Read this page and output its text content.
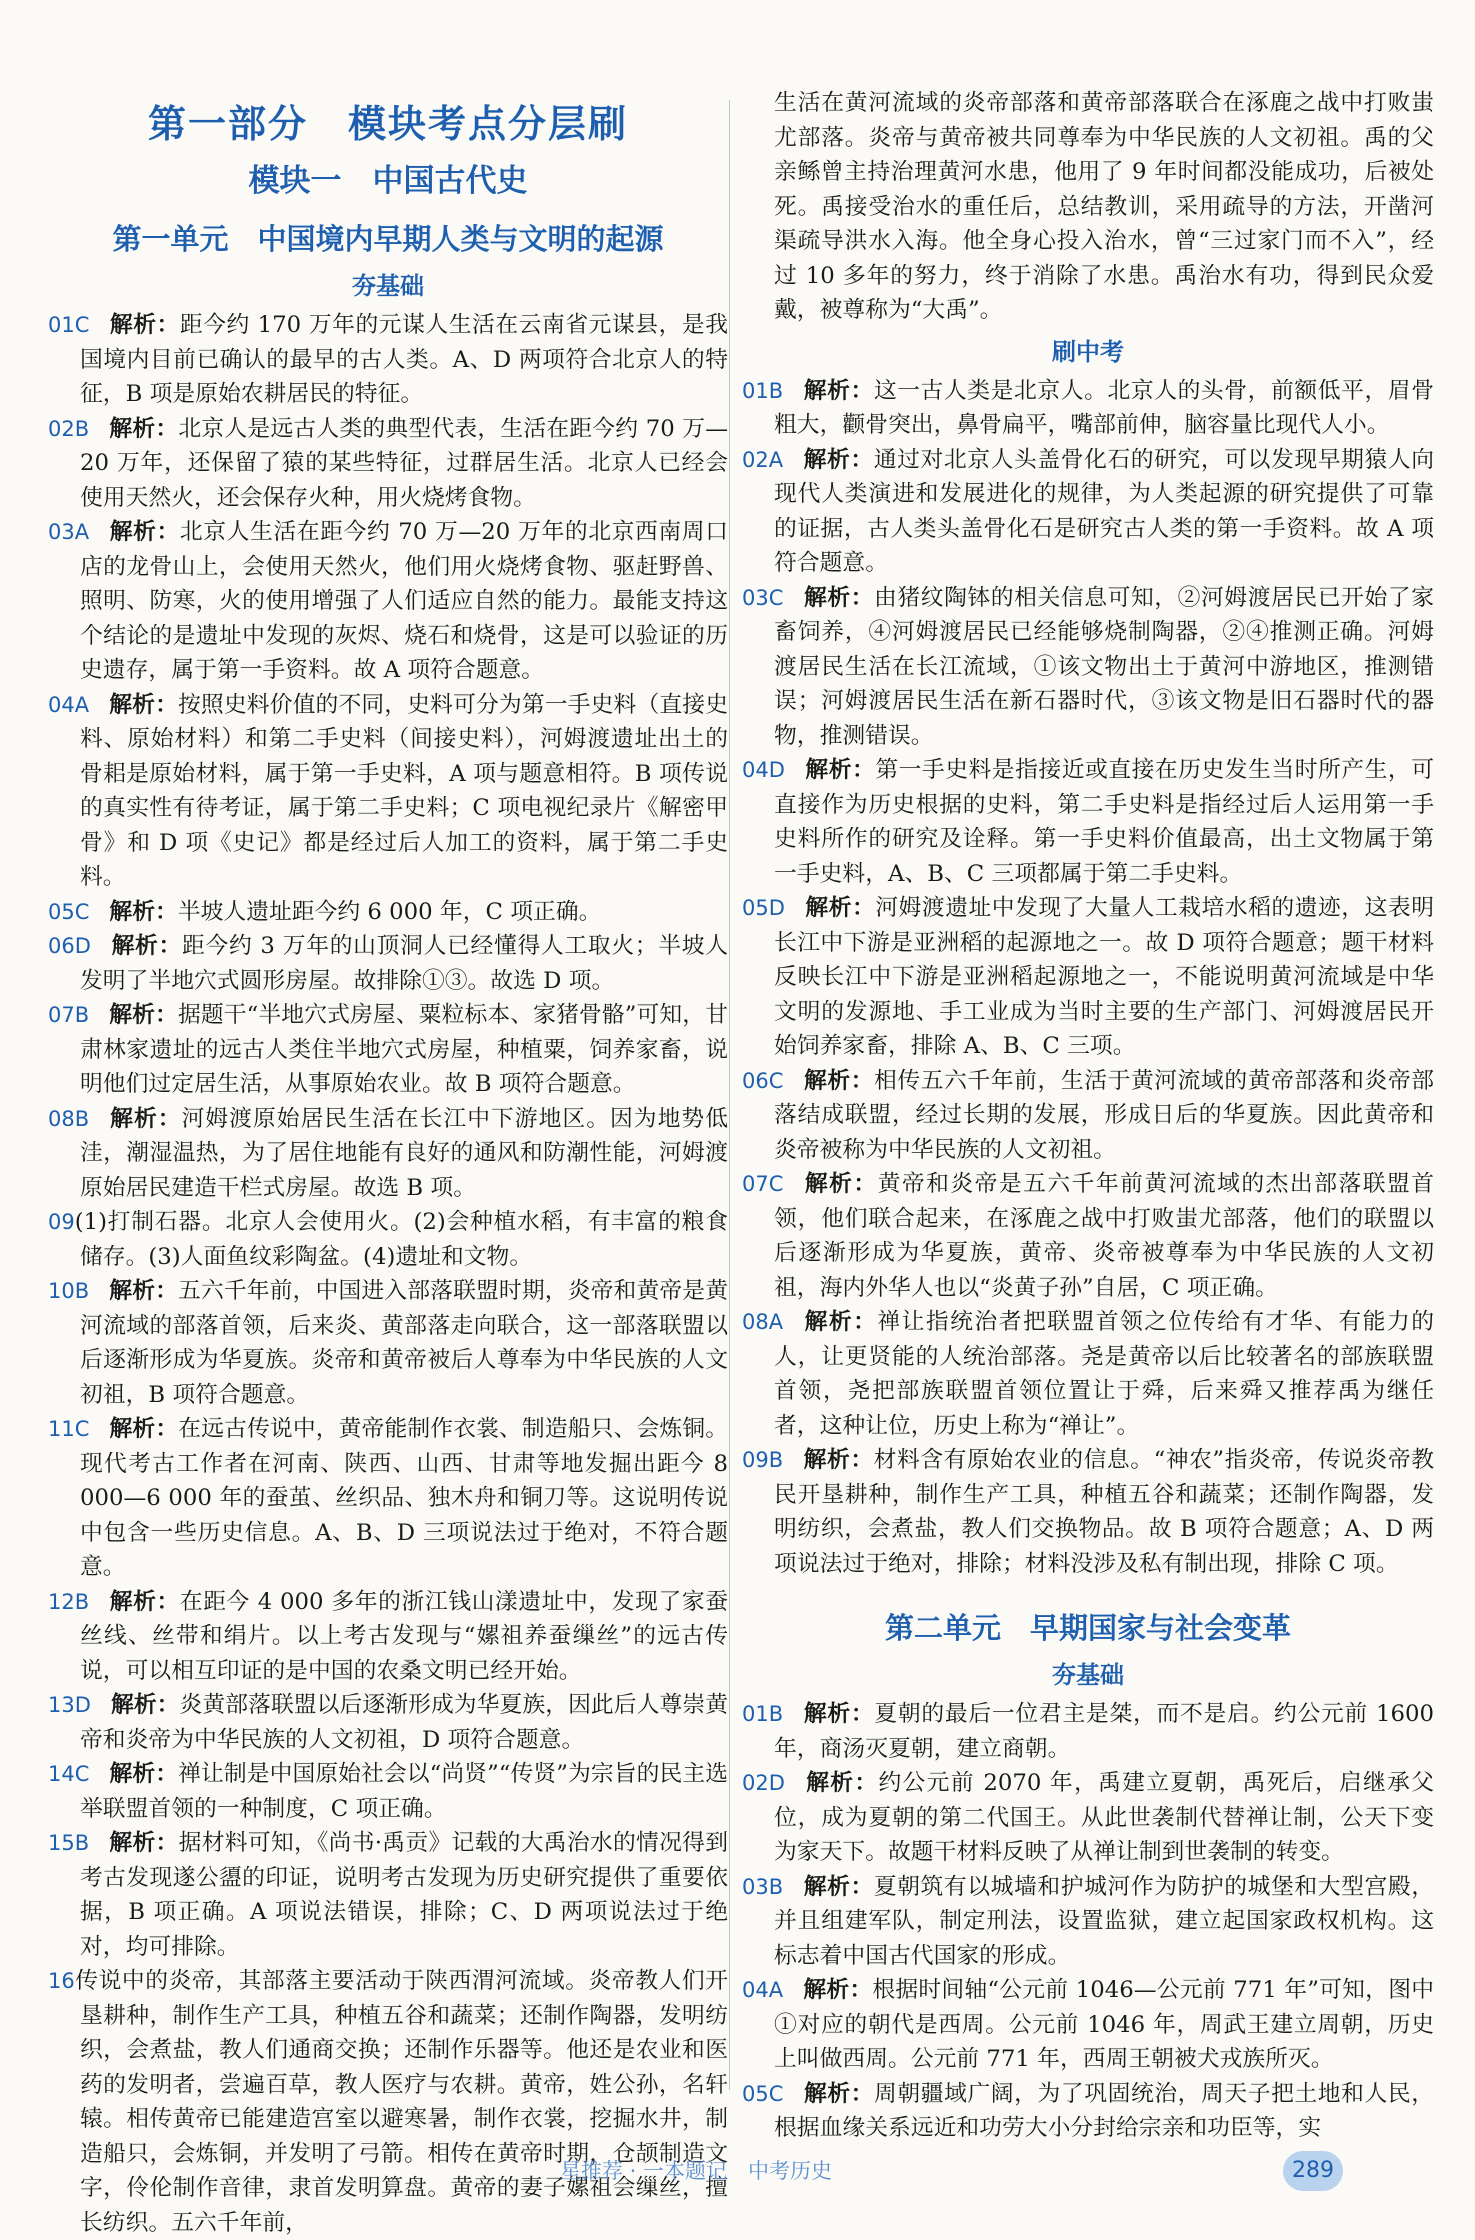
第一部分　模块考点分层刷
模块一　中国古代史
第一单元　中国境内早期人类与文明的起源
夯基础
01C 解析：距今约 170 万年的元谋人生活在云南省元谋县，是我国境内目前已确认的最早的古人类。A、D 两项符合北京人的特征，B 项是原始农耕居民的特征。
02B 解析：北京人是远古人类的典型代表，生活在距今约 70 万—20 万年，还保留了猿的某些特征，过群居生活。北京人已经会使用天然火，还会保存火种，用火烧烤食物。
03A 解析：北京人生活在距今约 70 万—20 万年的北京西南周口店的龙骨山上，会使用天然火，他们用火烧烤食物、驱赶野兽、照明、防寒，火的使用增强了人们适应自然的能力。最能支持这个结论的是遗址中发现的灰烬、烧石和烧骨，这是可以验证的历史遗存，属于第一手资料。故 A 项符合题意。
04A 解析：按照史料价值的不同，史料可分为第一手史料（直接史料、原始材料）和第二手史料（间接史料），河姆渡遗址出土的骨耜是原始材料，属于第一手史料，A 项与题意相符。B 项传说的真实性有待考证，属于第二手史料；C 项电视纪录片《解密甲骨》和 D 项《史记》都是经过后人加工的资料，属于第二手史料。
05C 解析：半坡人遗址距今约 6 000 年，C 项正确。
06D 解析：距今约 3 万年的山顶洞人已经懂得人工取火；半坡人发明了半地穴式圆形房屋。故排除①③。故选 D 项。
07B 解析：据题干“半地穴式房屋、粟粒标本、家猪骨骼”可知，甘肃林家遗址的远古人类住半地穴式房屋，种植粟，饲养家畜，说明他们过定居生活，从事原始农业。故 B 项符合题意。
08B 解析：河姆渡原始居民生活在长江中下游地区。因为地势低洼，潮湿温热，为了居住地能有良好的通风和防潮性能，河姆渡原始居民建造干栏式房屋。故选 B 项。
09(1)打制石器。北京人会使用火。(2)会种植水稻，有丰富的粮食储存。(3)人面鱼纹彩陶盆。(4)遗址和文物。
10B 解析：五六千年前，中国进入部落联盟时期，炎帝和黄帝是黄河流域的部落首领，后来炎、黄部落走向联合，这一部落联盟以后逐渐形成为华夏族。炎帝和黄帝被后人尊奉为中华民族的人文初祖，B 项符合题意。
11C 解析：在远古传说中，黄帝能制作衣裳、制造船只、会炼铜。现代考古工作者在河南、陕西、山西、甘肃等地发掘出距今 8 000—6 000 年的蚕茧、丝织品、独木舟和铜刀等。这说明传说中包含一些历史信息。A、B、D 三项说法过于绝对，不符合题意。
12B 解析：在距今 4 000 多年的浙江钱山漾遗址中，发现了家蚕丝线、丝带和绢片。以上考古发现与“嫘祖养蚕缫丝”的远古传说，可以相互印证的是中国的农桑文明已经开始。
13D 解析：炎黄部落联盟以后逐渐形成为华夏族，因此后人尊崇黄帝和炎帝为中华民族的人文初祖，D 项符合题意。
14C 解析：禅让制是中国原始社会以“尚贤”“传贤”为宗旨的民主选举联盟首领的一种制度，C 项正确。
15B 解析：据材料可知，《尚书·禹贡》记载的大禹治水的情况得到考古发现遂公盨的印证，说明考古发现为历史研究提供了重要依据，B 项正确。A 项说法错误，排除；C、D 两项说法过于绝对，均可排除。
16传说中的炎帝，其部落主要活动于陕西渭河流域。炎帝教人们开垦耕种，制作生产工具，种植五谷和蔬菜；还制作陶器，发明纺织，会煮盐，教人们通商交换；还制作乐器等。他还是农业和医药的发明者，尝遍百草，教人医疗与农耕。黄帝，姓公孙，名轩辕。相传黄帝已能建造宫室以避寒暑，制作衣裳，挖掘水井，制造船只，会炼铜，并发明了弓箭。相传在黄帝时期，仓颉制造文字，伶伦制作音律，隶首发明算盘。黄帝的妻子嫘祖会缫丝，擅长纺织。五六千年前，
生活在黄河流域的炎帝部落和黄帝部落联合在涿鹿之战中打败蚩尤部落。炎帝与黄帝被共同尊奉为中华民族的人文初祖。禹的父亲鲧曾主持治理黄河水患，他用了 9 年时间都没能成功，后被处死。禹接受治水的重任后，总结教训，采用疏导的方法，开凿河渠疏导洪水入海。他全身心投入治水，曾“三过家门而不入”，经过 10 多年的努力，终于消除了水患。禹治水有功，得到民众爱戴，被尊称为“大禹”。
刷中考
01B 解析：这一古人类是北京人。北京人的头骨，前额低平，眉骨粗大，颧骨突出，鼻骨扁平，嘴部前伸，脑容量比现代人小。
02A 解析：通过对北京人头盖骨化石的研究，可以发现早期猿人向现代人类演进和发展进化的规律，为人类起源的研究提供了可靠的证据，古人类头盖骨化石是研究古人类的第一手资料。故 A 项符合题意。
03C 解析：由猪纹陶钵的相关信息可知，②河姆渡居民已开始了家畜饲养，④河姆渡居民已经能够烧制陶器，②④推测正确。河姆渡居民生活在长江流域，①该文物出土于黄河中游地区，推测错误；河姆渡居民生活在新石器时代，③该文物是旧石器时代的器物，推测错误。
04D 解析：第一手史料是指接近或直接在历史发生当时所产生，可直接作为历史根据的史料，第二手史料是指经过后人运用第一手史料所作的研究及诠释。第一手史料价值最高，出土文物属于第一手史料，A、B、C 三项都属于第二手史料。
05D 解析：河姆渡遗址中发现了大量人工栽培水稻的遗迹，这表明长江中下游是亚洲稻的起源地之一。故 D 项符合题意；题干材料反映长江中下游是亚洲稻起源地之一，不能说明黄河流域是中华文明的发源地、手工业成为当时主要的生产部门、河姆渡居民开始饲养家畜，排除 A、B、C 三项。
06C 解析：相传五六千年前，生活于黄河流域的黄帝部落和炎帝部落结成联盟，经过长期的发展，形成日后的华夏族。因此黄帝和炎帝被称为中华民族的人文初祖。
07C 解析：黄帝和炎帝是五六千年前黄河流域的杰出部落联盟首领，他们联合起来，在涿鹿之战中打败蚩尤部落，他们的联盟以后逐渐形成为华夏族，黄帝、炎帝被尊奉为中华民族的人文初祖，海内外华人也以“炎黄子孙”自居，C 项正确。
08A 解析：禅让指统治者把联盟首领之位传给有才华、有能力的人，让更贤能的人统治部落。尧是黄帝以后比较著名的部族联盟首领，尧把部族联盟首领位置让于舜，后来舜又推荐禹为继任者，这种让位，历史上称为“禅让”。
09B 解析：材料含有原始农业的信息。“神农”指炎帝，传说炎帝教民开垦耕种，制作生产工具，种植五谷和蔬菜；还制作陶器，发明纺织，会煮盐，教人们交换物品。故 B 项符合题意；A、D 两项说法过于绝对，排除；材料没涉及私有制出现，排除 C 项。
第二单元　早期国家与社会变革
夯基础
01B 解析：夏朝的最后一位君主是桀，而不是启。约公元前 1600 年，商汤灭夏朝，建立商朝。
02D 解析：约公元前 2070 年，禹建立夏朝，禹死后，启继承父位，成为夏朝的第二代国王。从此世袭制代替禅让制，公天下变为家天下。故题干材料反映了从禅让制到世袭制的转变。
03B 解析：夏朝筑有以城墙和护城河作为防护的城堡和大型宫殿，并且组建军队，制定刑法，设置监狱，建立起国家政权机构。这标志着中国古代国家的形成。
04A 解析：根据时间轴“公元前 1046—公元前 771 年”可知，图中①对应的朝代是西周。公元前 1046 年，周武王建立周朝，历史上叫做西周。公元前 771 年，西周王朝被犬戎族所灭。
05C 解析：周朝疆域广阔，为了巩固统治，周天子把土地和人民，根据血缘关系远近和功劳大小分封给宗亲和功臣等，实
星推荐 · 一本题记　中考历史	289
